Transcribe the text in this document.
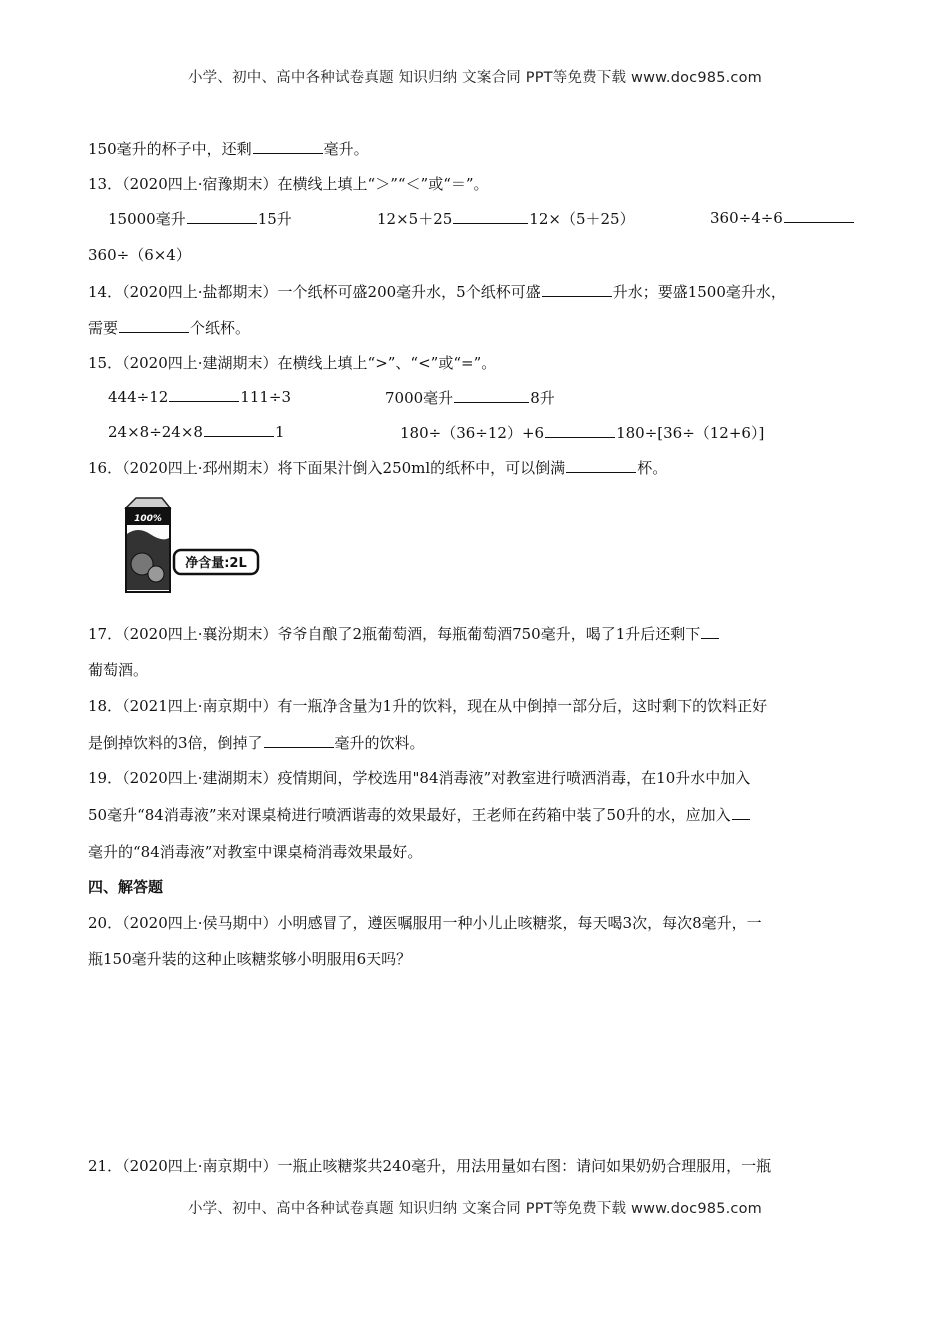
小学、初中、高中各种试卷真题 知识归纳 文案合同 PPT等免费下载 www.doc985.com
150毫升的杯子中，还剩	毫升。
13．（2020四上·宿豫期末）在横线上填上“＞”“＜”或“＝”。
15000毫升	15升	12×5＋25	12×（5＋25）	360÷4÷6
360÷（6×4）
14．（2020四上·盐都期末）一个纸杯可盛200毫升水，5个纸杯可盛	升水；要盛1500毫升水，
需要	个纸杯。
15．（2020四上·建湖期末）在横线上填上“>”、“<”或“=”。
444÷12	111÷3	7000毫升	8升
24×8÷24×8	1	180÷（36÷12）+6	180÷[36÷（12+6）]
16．（2020四上·邳州期末）将下面果汁倒入250ml的纸杯中，可以倒满	杯。
100%
净含量:2L
17．（2020四上·襄汾期末）爷爷自酿了2瓶葡萄酒，每瓶葡萄酒750毫升，喝了1升后还剩下
葡萄酒。
18．（2021四上·南京期中）有一瓶净含量为1升的饮料，现在从中倒掉一部分后，这时剩下的饮料正好
是倒掉饮料的3倍，倒掉了	毫升的饮料。
19．（2020四上·建湖期末）疫情期间，学校选用"84消毒液”对教室进行喷洒消毒，在10升水中加入
50毫升“84消毒液”来对课桌椅进行喷洒谐毒的效果最好，王老师在药箱中装了50升的水，应加入
毫升的“84消毒液”对教室中课桌椅消毒效果最好。
四、解答题
20．（2020四上·侯马期中）小明感冒了，遵医嘱服用一种小儿止咳糖浆，每天喝3次，每次8毫升，一
瓶150毫升装的这种止咳糖浆够小明服用6天吗？
21．（2020四上·南京期中）一瓶止咳糖浆共240毫升，用法用量如右图：请问如果奶奶合理服用，一瓶
小学、初中、高中各种试卷真题 知识归纳 文案合同 PPT等免费下载 www.doc985.com
